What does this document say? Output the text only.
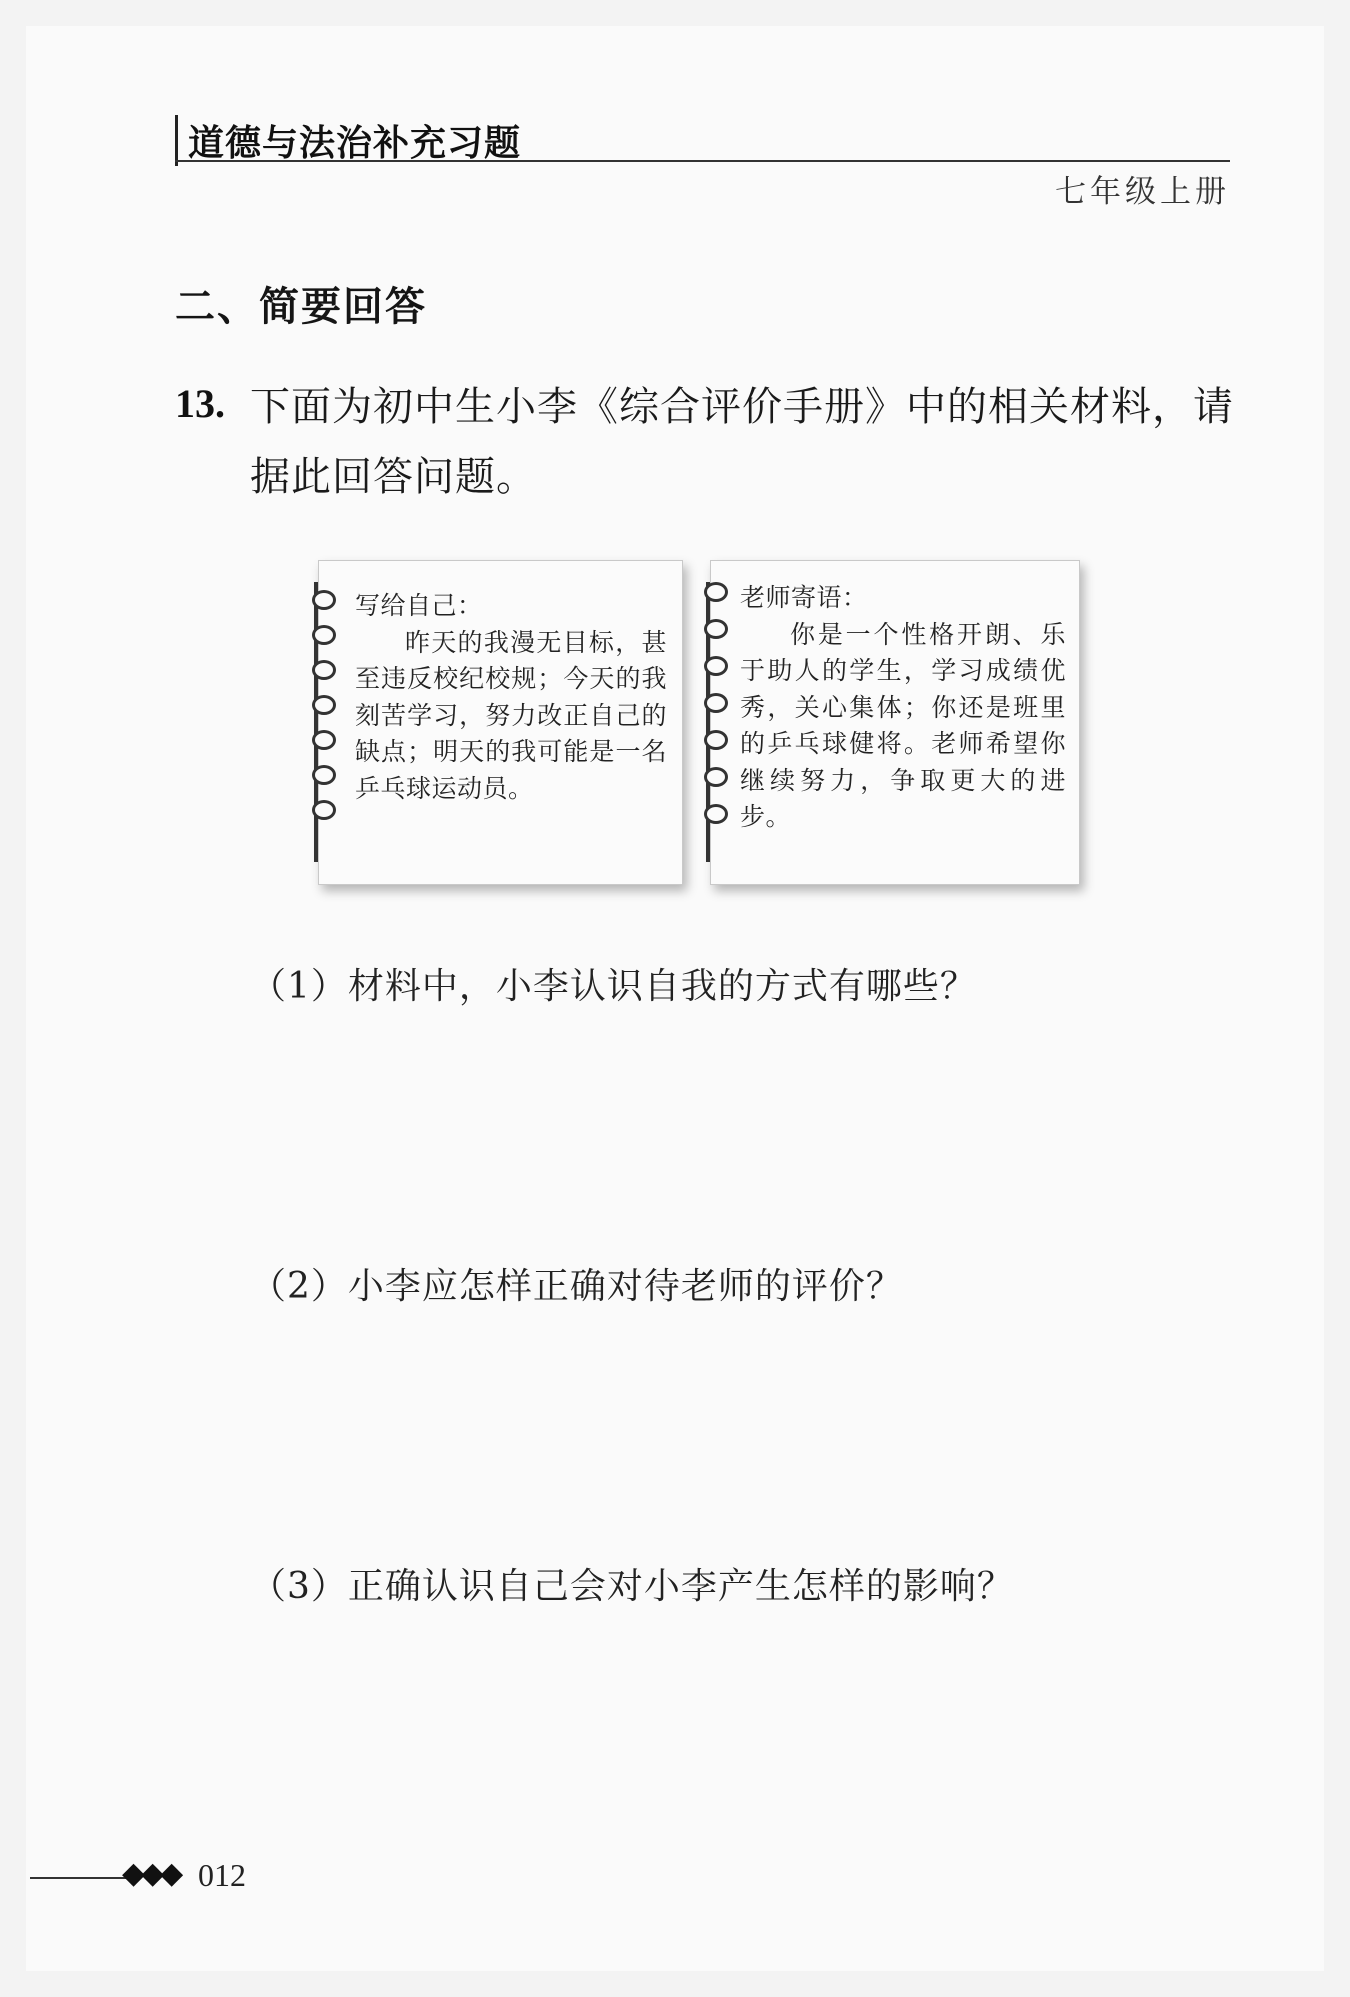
道德与法治补充习题
七年级上册
二、简要回答
13. 下面为初中生小李《综合评价手册》中的相关材料，请据此回答问题。
写给自己：
昨天的我漫无目标，甚至违反校纪校规；今天的我刻苦学习，努力改正自己的缺点；明天的我可能是一名乒乓球运动员。
老师寄语：
你是一个性格开朗、乐于助人的学生，学习成绩优秀，关心集体；你还是班里的乒乓球健将。老师希望你继续努力，争取更大的进步。
（1）材料中，小李认识自我的方式有哪些？
（2）小李应怎样正确对待老师的评价？
（3）正确认识自己会对小李产生怎样的影响？
◆◆◆ 012
